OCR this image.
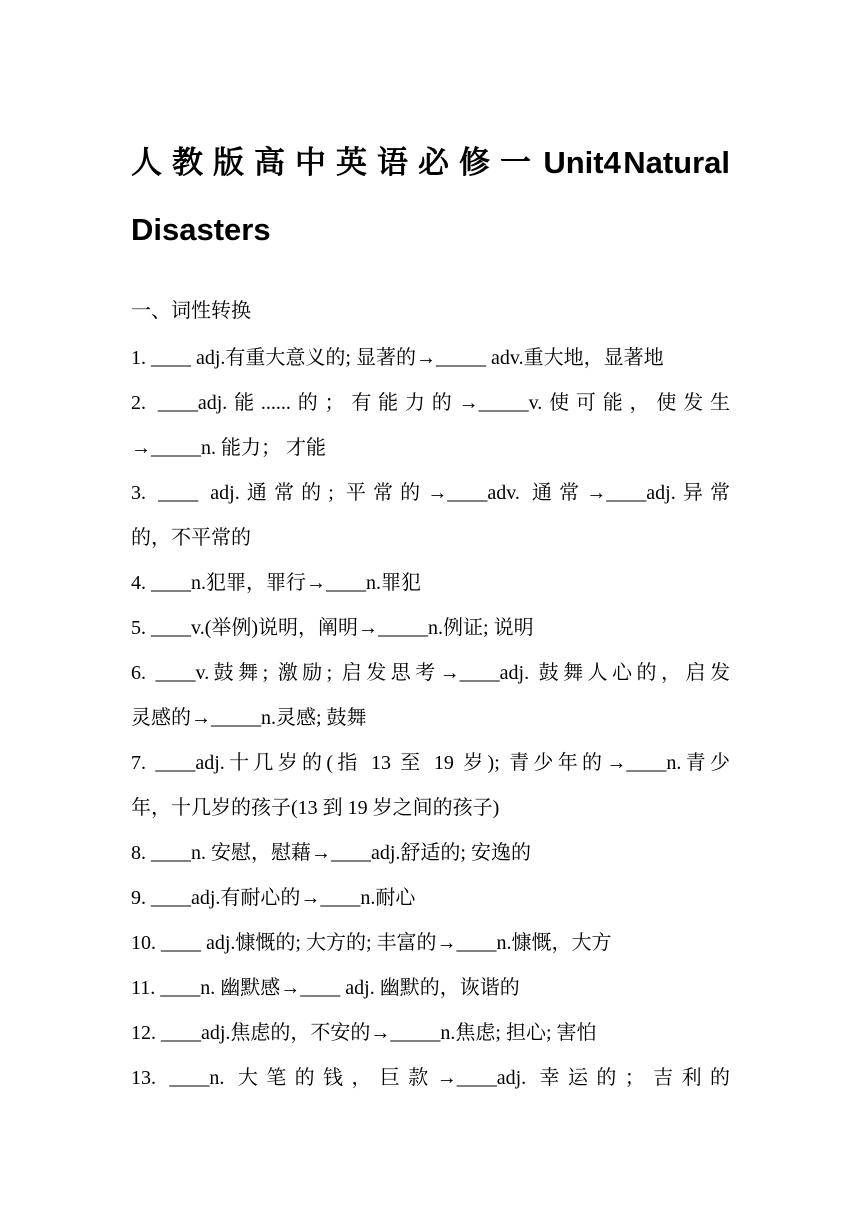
人教版高中英语必修一 Unit4 Natural
Disasters
一、词性转换
1. ____ adj.有重大意义的; 显著的→_____ adv.重大地，显著地
2. ____adj.能......的；有能力的→_____v.使可能，使发生
→_____n. 能力； 才能
3. ____ adj.通常的; 平常的→____adv. 通常→____adj.异常
的，不平常的
4. ____n.犯罪，罪行→____n.罪犯
5. ____v.(举例)说明，阐明→_____n.例证; 说明
6. ____v.鼓舞; 激励; 启发思考→____adj. 鼓舞人心的，启发
灵感的→_____n.灵感; 鼓舞
7. ____adj.十几岁的(指 13 至 19 岁); 青少年的→____n.青少
年，十几岁的孩子(13 到 19 岁之间的孩子)
8. ____n. 安慰，慰藉→____adj.舒适的; 安逸的
9. ____adj.有耐心的→____n.耐心
10. ____ adj.慷慨的; 大方的; 丰富的→____n.慷慨，大方
11. ____n. 幽默感→____ adj. 幽默的，诙谐的
12. ____adj.焦虑的，不安的→_____n.焦虑; 担心; 害怕
13. ____n. 大笔的钱，巨款→____adj. 幸运的；吉利的
